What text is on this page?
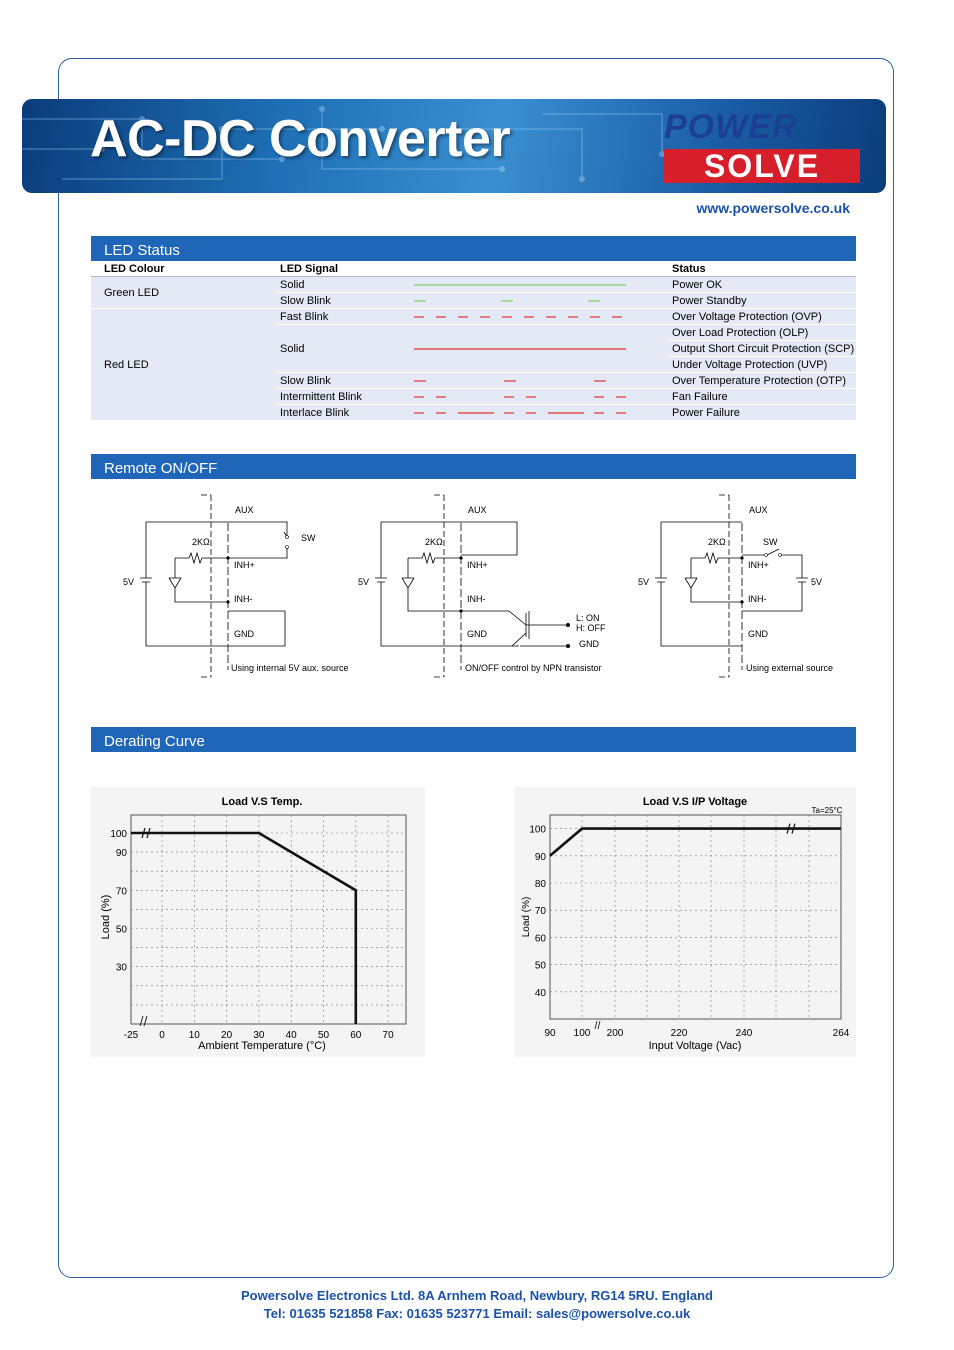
AC-DC Converter	POWER
SOLVE
www.powersolve.co.uk
LED Status
LED Colour	LED Signal		Status
Green LED	Solid		Power OK
	Slow Blink		Power Standby
Red LED	Fast Blink		Over Voltage Protection (OVP)
	Solid		Over Load Protection (OLP)
			Output Short Circuit Protection (SCP)
			Under Voltage Protection (UVP)
	Slow Blink		Over Temperature Protection (OTP)
	Intermittent Blink		Fan Failure
	Interlace Blink		Power Failure
Remote ON/OFF
AUX
INH+
INH-
GND
2KΩ
5V
SW
Using internal 5V aux. source
AUX
INH+
INH-
GND
2KΩ
5V
L: ON
H: OFF
GND
ON/OFF control by NPN transistor
AUX
INH+
INH-
GND
2KΩ
5V
SW
5V
Using external source
Derating Curve
Load V.S Temp.
Ambient Temperature (°C)
Load (%)
-25 0 10 20 30 40 50 60 70
100
90
70
50
30
Load V.S I/P Voltage
Ta=25°C
Input Voltage (Vac)
Load (%)
90 100 200	220	240	264
100
90
80
70
60
50
40
Powersolve Electronics Ltd. 8A Arnhem Road, Newbury, RG14 5RU. England
Tel: 01635 521858 Fax: 01635 523771 Email: sales@powersolve.co.uk
